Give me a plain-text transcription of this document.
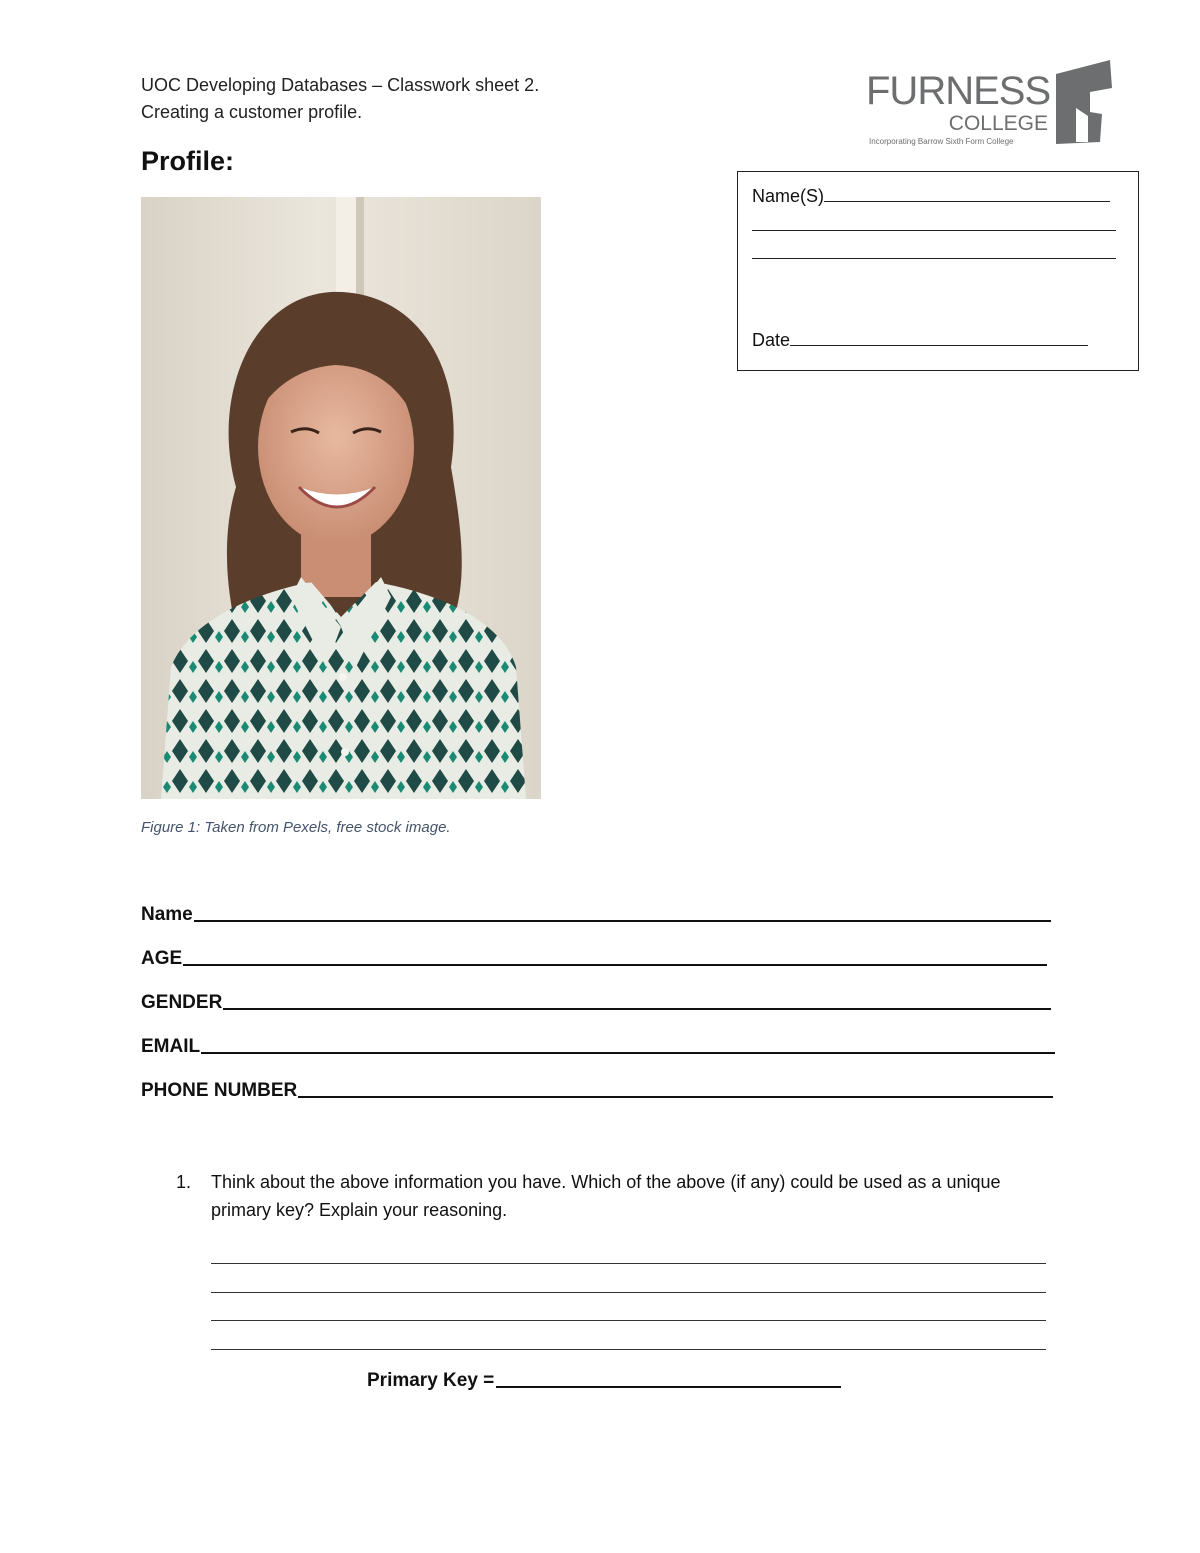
UOC Developing Databases – Classwork sheet 2.
Creating a customer profile.	FURNESS
COLLEGE
Incorporating Barrow Sixth Form College
Profile:
Name(S)
Date
Figure 1: Taken from Pexels, free stock image.
Name
AGE
GENDER
EMAIL
PHONE NUMBER
1. Think about the above information you have. Which of the above (if any) could be used as a unique primary key? Explain your reasoning.
Primary Key =
